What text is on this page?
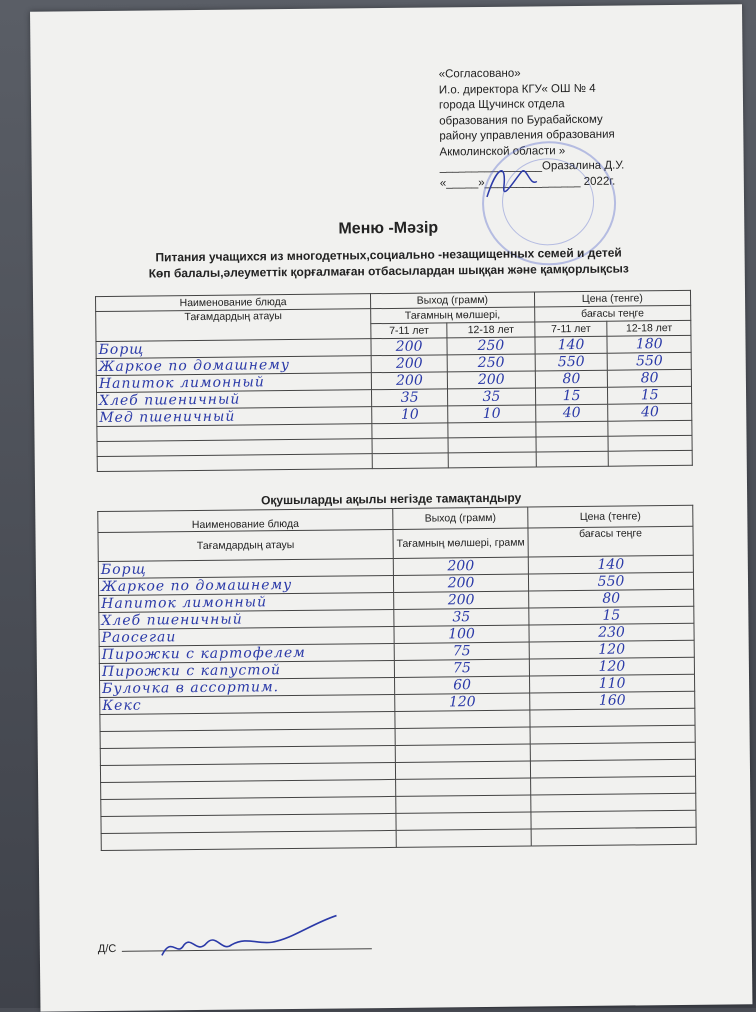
«Согласовано»
И.о. директора КГУ« ОШ № 4
города Щучинск отдела
образования по Бурабайскому
району управления образования
Акмолинской области »
________________Оразалина Д.У.
«_____»_______________ 2022г.
Меню -Мәзір
Питания учащихся из многодетных,социально -незащищенных семей и детей
Көп балалы,әлеуметтік қорғалмаған отбасылардан шыққан және қамқорлықсыз
Наименование блюда	Выход (грамм)		Цена (тенге)	
Тағамдардың атауы	Тағамның мөлшері,		бағасы теңге	
	7-11 лет	12-18 лет	7-11 лет	12-18 лет
Борщ	200	250	140	180
Жаркое по домашнему	200	250	550	550
Напиток лимонный	200	200	80	80
Хлеб пшеничный	35	35	15	15
Мед пшеничный	10	10	40	40

Оқушыларды ақылы негізде тамақтандыру
Наименование блюда	Выход (грамм)	Цена (тенге)
Тағамдардың атауы	Тағамның мөлшері, грамм	бағасы теңге
Борщ	200	140
Жаркое по домашнему	200	550
Напиток лимонный	200	80
Хлеб пшеничный	35	15
Раосегаи	100	230
Пирожки с картофелем	75	120
Пирожки с капустой	75	120
Булочка в ассортим.	60	110
Кекс	120	160

Д/С
